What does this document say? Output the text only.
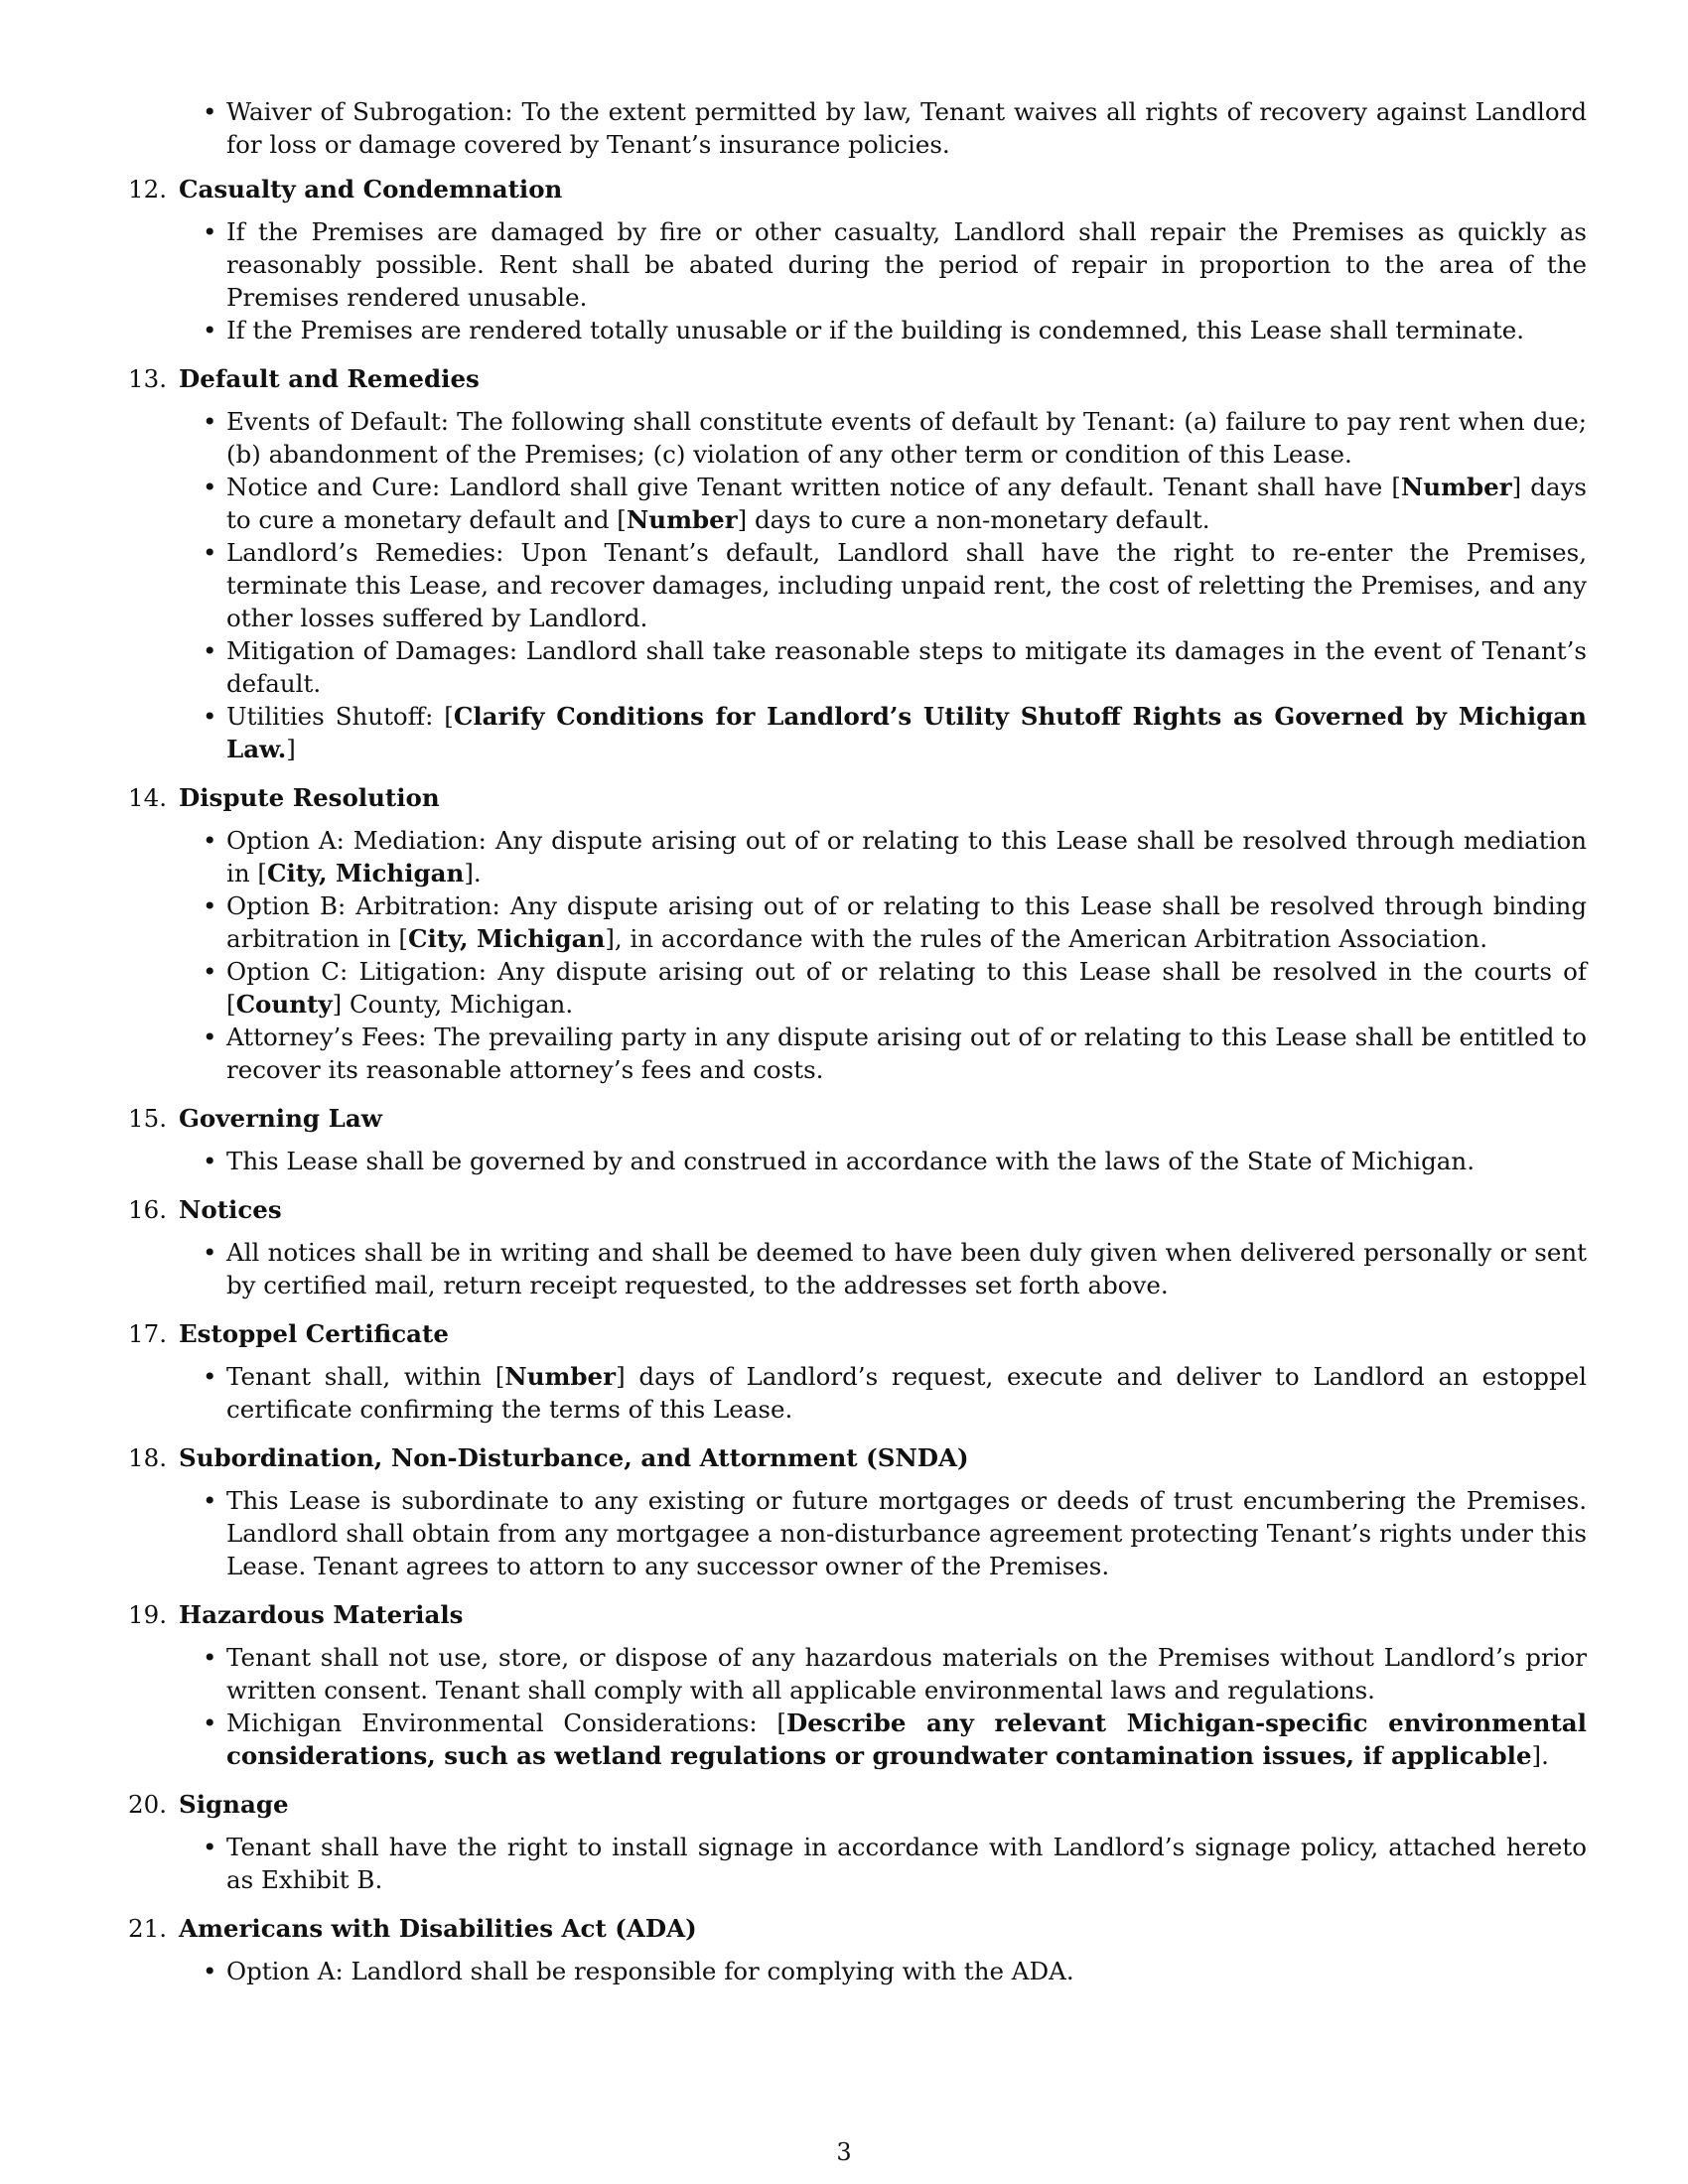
• Waiver of Subrogation: To the extent permitted by law, Tenant waives all rights of recovery against Landlord for loss or damage covered by Tenant’s insurance policies.
12. Casualty and Condemnation
• If the Premises are damaged by fire or other casualty, Landlord shall repair the Premises as quickly as reasonably possible. Rent shall be abated during the period of repair in proportion to the area of the Premises rendered unusable.
• If the Premises are rendered totally unusable or if the building is condemned, this Lease shall terminate.
13. Default and Remedies
• Events of Default: The following shall constitute events of default by Tenant: (a) failure to pay rent when due; (b) abandonment of the Premises; (c) violation of any other term or condition of this Lease.
• Notice and Cure: Landlord shall give Tenant written notice of any default. Tenant shall have [Number] days to cure a monetary default and [Number] days to cure a non-monetary default.
• Landlord’s Remedies: Upon Tenant’s default, Landlord shall have the right to re-enter the Premises, terminate this Lease, and recover damages, including unpaid rent, the cost of reletting the Premises, and any other losses suffered by Landlord.
• Mitigation of Damages: Landlord shall take reasonable steps to mitigate its damages in the event of Tenant’s default.
• Utilities Shutoff: [Clarify Conditions for Landlord’s Utility Shutoff Rights as Governed by Michigan Law.]
14. Dispute Resolution
• Option A: Mediation: Any dispute arising out of or relating to this Lease shall be resolved through mediation in [City, Michigan].
• Option B: Arbitration: Any dispute arising out of or relating to this Lease shall be resolved through binding arbitration in [City, Michigan], in accordance with the rules of the American Arbitration Association.
• Option C: Litigation: Any dispute arising out of or relating to this Lease shall be resolved in the courts of [County] County, Michigan.
• Attorney’s Fees: The prevailing party in any dispute arising out of or relating to this Lease shall be entitled to recover its reasonable attorney’s fees and costs.
15. Governing Law
• This Lease shall be governed by and construed in accordance with the laws of the State of Michigan.
16. Notices
• All notices shall be in writing and shall be deemed to have been duly given when delivered personally or sent by certified mail, return receipt requested, to the addresses set forth above.
17. Estoppel Certificate
• Tenant shall, within [Number] days of Landlord’s request, execute and deliver to Landlord an estoppel certificate confirming the terms of this Lease.
18. Subordination, Non-Disturbance, and Attornment (SNDA)
• This Lease is subordinate to any existing or future mortgages or deeds of trust encumbering the Premises. Landlord shall obtain from any mortgagee a non-disturbance agreement protecting Tenant’s rights under this Lease. Tenant agrees to attorn to any successor owner of the Premises.
19. Hazardous Materials
• Tenant shall not use, store, or dispose of any hazardous materials on the Premises without Landlord’s prior written consent. Tenant shall comply with all applicable environmental laws and regulations.
• Michigan Environmental Considerations: [Describe any relevant Michigan-specific environmental considerations, such as wetland regulations or groundwater contamination issues, if applicable].
20. Signage
• Tenant shall have the right to install signage in accordance with Landlord’s signage policy, attached hereto as Exhibit B.
21. Americans with Disabilities Act (ADA)
• Option A: Landlord shall be responsible for complying with the ADA.
3
